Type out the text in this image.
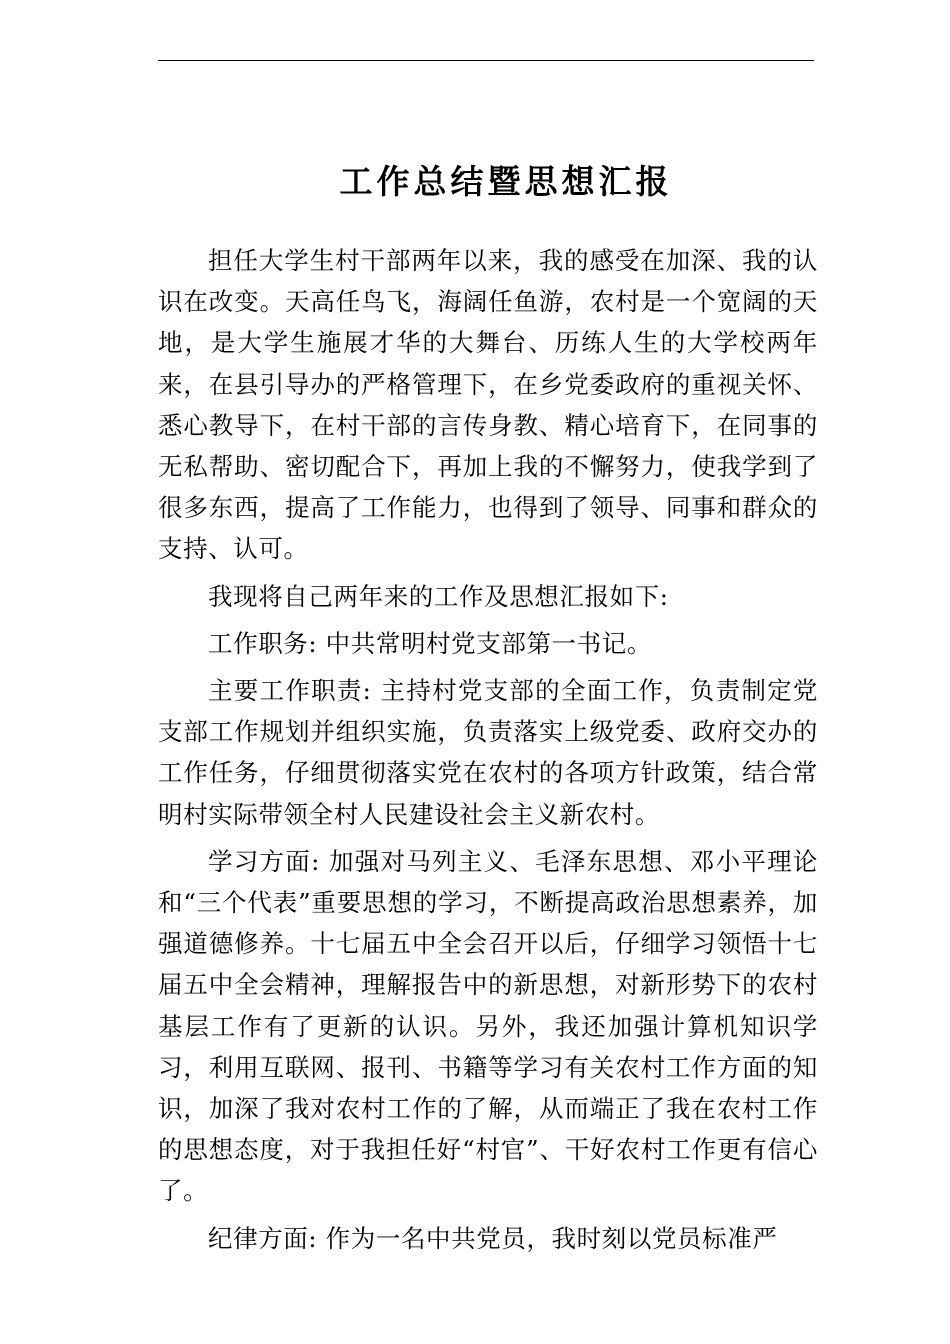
工作总结暨思想汇报

担任大学生村干部两年以来，我的感受在加深、我的认识在改变。天高任鸟飞，海阔任鱼游，农村是一个宽阔的天地，是大学生施展才华的大舞台、历练人生的大学校两年来，在县引导办的严格管理下，在乡党委政府的重视关怀、悉心教导下，在村干部的言传身教、精心培育下，在同事的无私帮助、密切配合下，再加上我的不懈努力，使我学到了很多东西，提高了工作能力，也得到了领导、同事和群众的支持、认可。

我现将自己两年来的工作及思想汇报如下:

工作职务: 中共常明村党支部第一书记。

主要工作职责: 主持村党支部的全面工作，负责制定党支部工作规划并组织实施，负责落实上级党委、政府交办的工作任务，仔细贯彻落实党在农村的各项方针政策，结合常明村实际带领全村人民建设社会主义新农村。

学习方面: 加强对马列主义、毛泽东思想、邓小平理论和“三个代表”重要思想的学习，不断提高政治思想素养，加强道德修养。十七届五中全会召开以后，仔细学习领悟十七届五中全会精神，理解报告中的新思想，对新形势下的农村基层工作有了更新的认识。另外，我还加强计算机知识学习，利用互联网、报刊、书籍等学习有关农村工作方面的知识，加深了我对农村工作的了解，从而端正了我在农村工作的思想态度，对于我担任好“村官”、干好农村工作更有信心了。

纪律方面: 作为一名中共党员，我时刻以党员标准严
